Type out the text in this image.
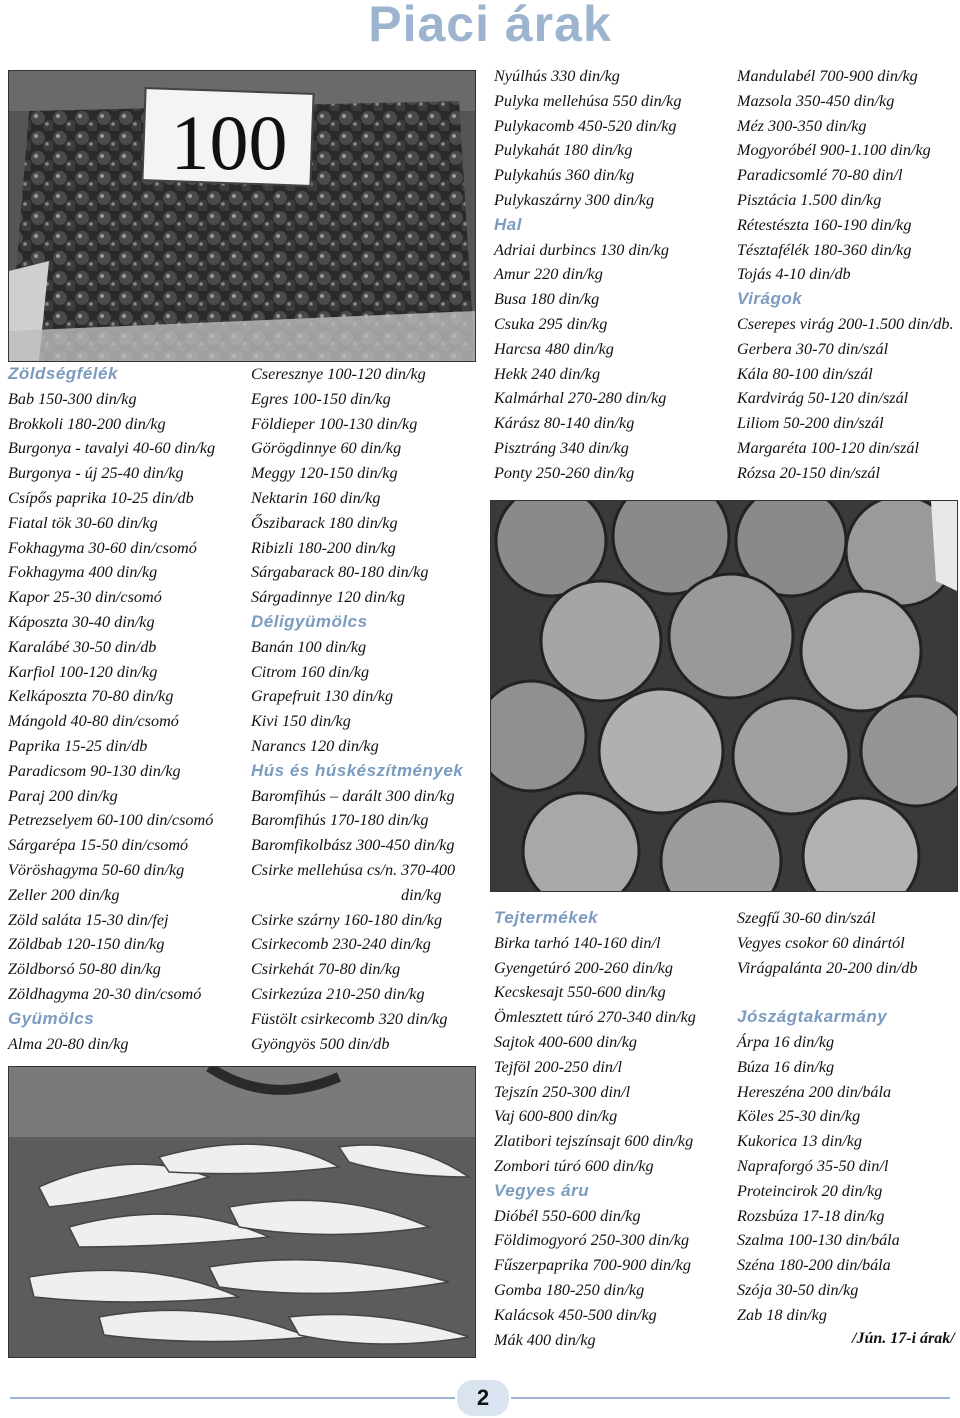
Piaci árak
100
Zöldségfélék
Bab 150-300 din/kg
Brokkoli 180-200 din/kg
Burgonya - tavalyi 40-60 din/kg
Burgonya - új 25-40 din/kg
Csípős paprika 10-25 din/db
Fiatal tök 30-60 din/kg
Fokhagyma 30-60 din/csomó
Fokhagyma 400 din/kg
Kapor 25-30 din/csomó
Káposzta 30-40 din/kg
Karalábé 30-50 din/db
Karfiol 100-120 din/kg
Kelkáposzta 70-80 din/kg
Mángold 40-80 din/csomó
Paprika 15-25 din/db
Paradicsom 90-130 din/kg
Paraj 200 din/kg
Petrezselyem 60-100 din/csomó
Sárgarépa 15-50 din/csomó
Vöröshagyma 50-60 din/kg
Zeller 200 din/kg
Zöld saláta 15-30 din/fej
Zöldbab 120-150 din/kg
Zöldborsó 50-80 din/kg
Zöldhagyma 20-30 din/csomó
Gyümölcs
Alma 20-80 din/kg
Cseresznye 100-120 din/kg
Egres 100-150 din/kg
Földieper 100-130 din/kg
Görögdinnye 60 din/kg
Meggy 120-150 din/kg
Nektarin 160 din/kg
Őszibarack 180 din/kg
Ribizli 180-200 din/kg
Sárgabarack 80-180 din/kg
Sárgadinnye 120 din/kg
Déligyümölcs
Banán 100 din/kg
Citrom 160 din/kg
Grapefruit 130 din/kg
Kivi 150 din/kg
Narancs 120 din/kg
Hús és húskészítmények
Baromfihús – darált 300 din/kg
Baromfihús 170-180 din/kg
Baromfikolbász 300-450 din/kg
Csirke mellehúsa cs/n. 370-400
din/kg
Csirke szárny 160-180 din/kg
Csirkecomb 230-240 din/kg
Csirkehát 70-80 din/kg
Csirkezúza 210-250 din/kg
Füstölt csirkecomb 320 din/kg
Gyöngyös 500 din/db
Nyúlhús 330 din/kg
Pulyka mellehúsa 550 din/kg
Pulykacomb 450-520 din/kg
Pulykahát 180 din/kg
Pulykahús 360 din/kg
Pulykaszárny 300 din/kg
Hal
Adriai durbincs 130 din/kg
Amur 220 din/kg
Busa 180 din/kg
Csuka 295 din/kg
Harcsa 480 din/kg
Hekk 240 din/kg
Kalmárhal 270-280 din/kg
Kárász 80-140 din/kg
Pisztráng 340 din/kg
Ponty 250-260 din/kg
Mandulabél 700-900 din/kg
Mazsola 350-450 din/kg
Méz 300-350 din/kg
Mogyoróbél 900-1.100 din/kg
Paradicsomlé 70-80 din/l
Pisztácia 1.500 din/kg
Rétestészta 160-190 din/kg
Tésztafélék 180-360 din/kg
Tojás 4-10 din/db
Virágok
Cserepes virág 200-1.500 din/db.
Gerbera 30-70 din/szál
Kála 80-100 din/szál
Kardvirág 50-120 din/szál
Liliom 50-200 din/szál
Margaréta 100-120 din/szál
Rózsa 20-150 din/szál
Tejtermékek
Birka tarhó 140-160 din/l
Gyengetúró 200-260 din/kg
Kecskesajt 550-600 din/kg
Ömlesztett túró 270-340 din/kg
Sajtok 400-600 din/kg
Tejföl 200-250 din/l
Tejszín 250-300 din/l
Vaj 600-800 din/kg
Zlatibori tejszínsajt 600 din/kg
Zombori túró 600 din/kg
Vegyes áru
Dióbél 550-600 din/kg
Földimogyoró 250-300 din/kg
Fűszerpaprika 700-900 din/kg
Gomba 180-250 din/kg
Kalácsok 450-500 din/kg
Mák 400 din/kg
Szegfű 30-60 din/szál
Vegyes csokor 60 dinártól
Virágpalánta 20-200 din/db

Jószágtakarmány
Árpa 16 din/kg
Búza 16 din/kg
Hereszéna 200 din/bála
Köles 25-30 din/kg
Kukorica 13 din/kg
Napraforgó 35-50 din/l
Proteincirok 20 din/kg
Rozsbúza 17-18 din/kg
Szalma 100-130 din/bála
Széna 180-200 din/bála
Szója 30-50 din/kg
Zab 18 din/kg
/Jún. 17-i árak/
2
